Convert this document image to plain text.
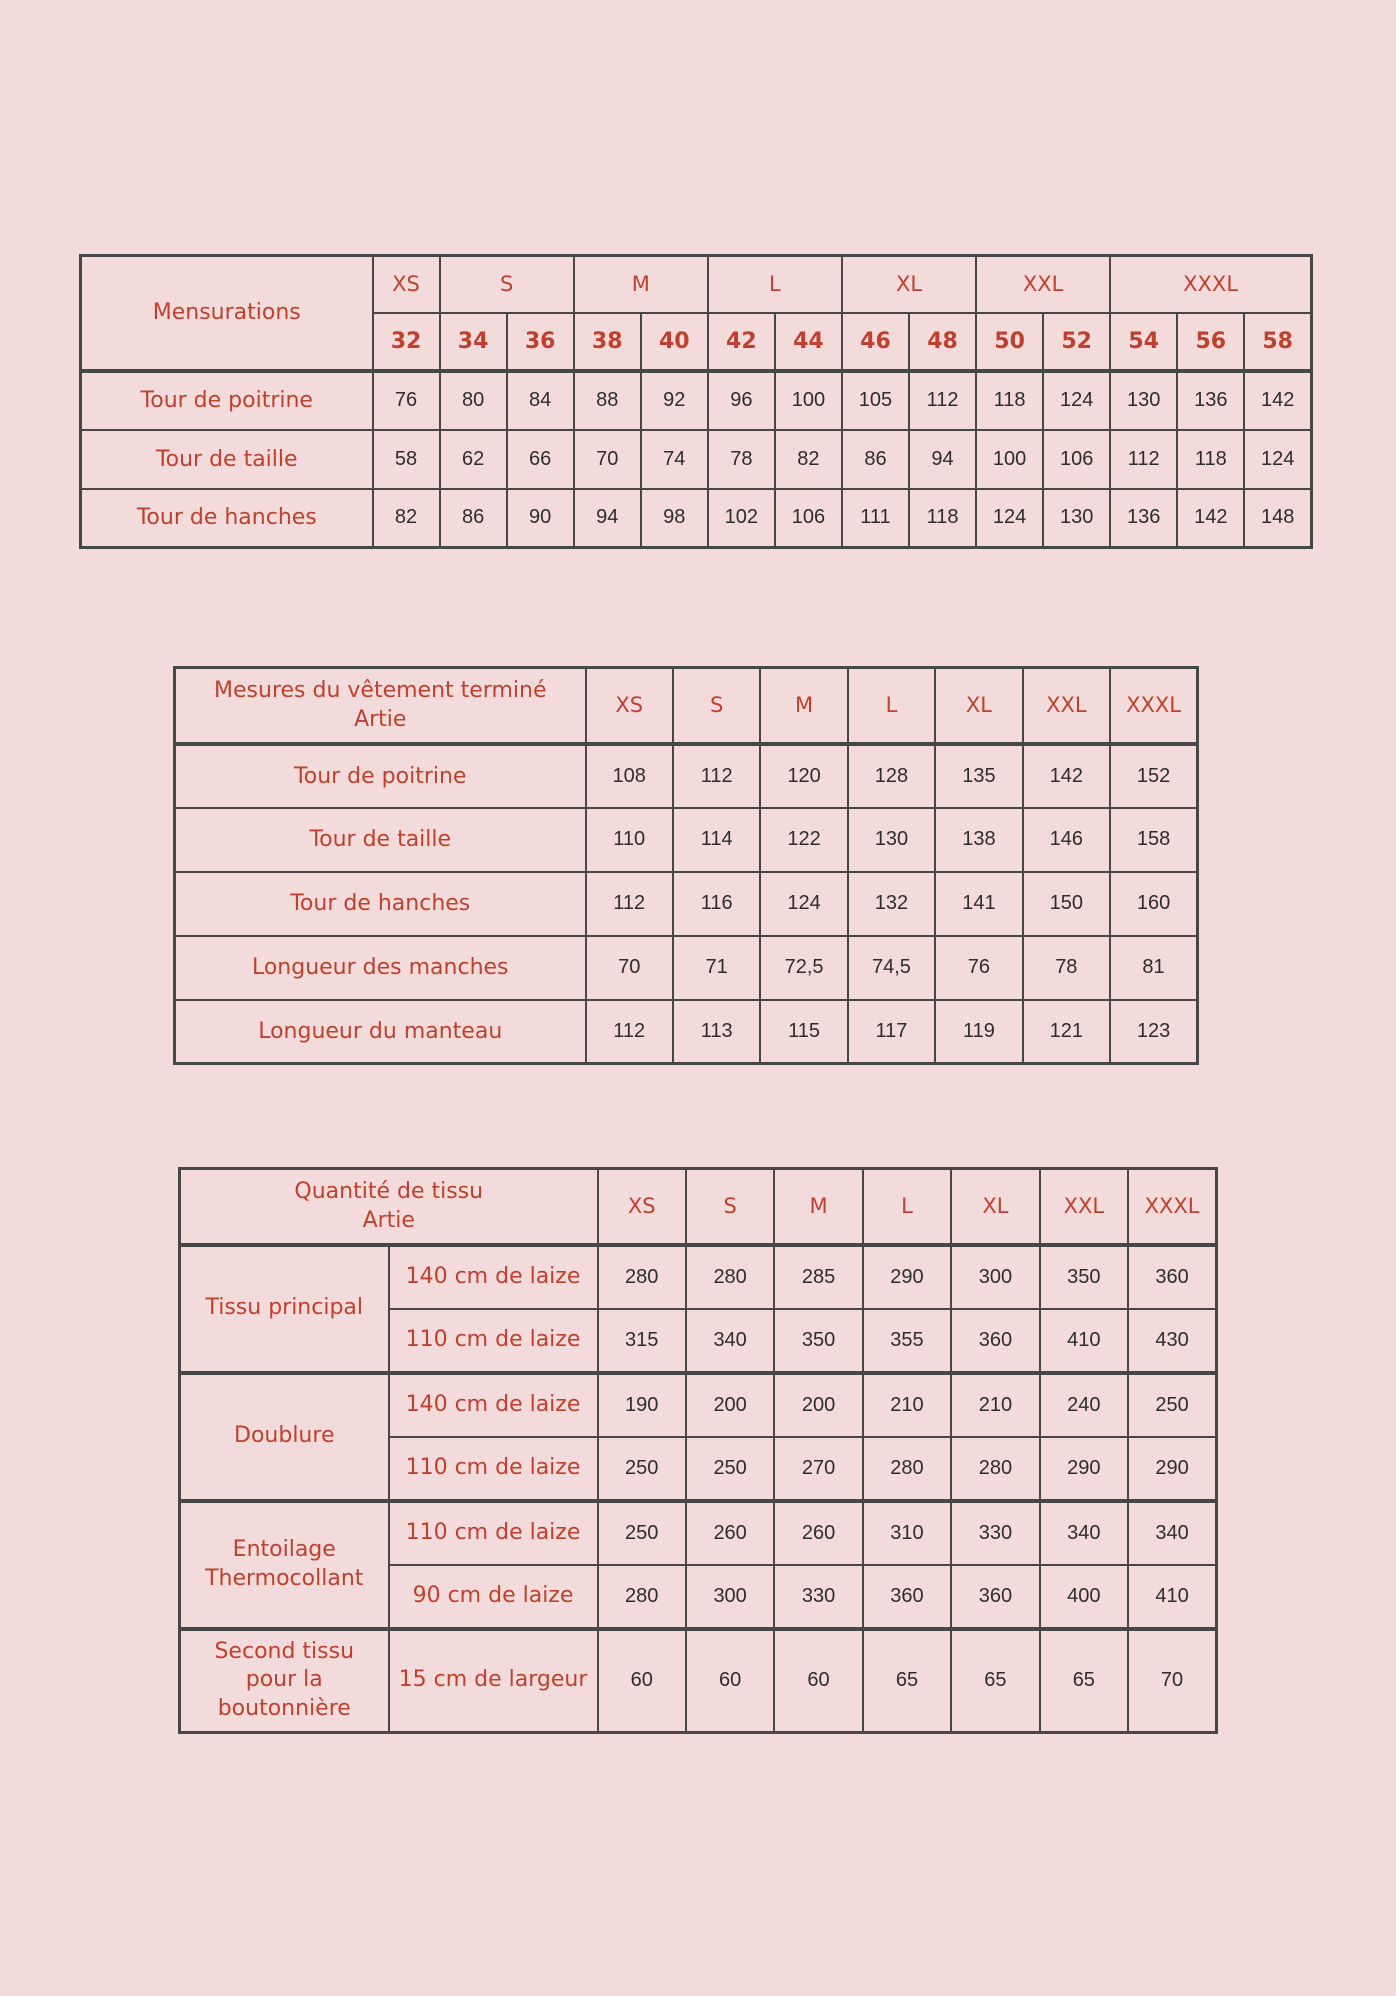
Mensurations	XS	S		M		L		XL		XXL		XXXL		
	32	34	36	38	40	42	44	46	48	50	52	54	56	58
Tour de poitrine	76	80	84	88	92	96	100	105	112	118	124	130	136	142
Tour de taille	58	62	66	70	74	78	82	86	94	100	106	112	118	124
Tour de hanches	82	86	90	94	98	102	106	111	118	124	130	136	142	148
Mesures du vêtement terminé
Artie	XS	S	M	L	XL	XXL	XXXL
Tour de poitrine	108	112	120	128	135	142	152
Tour de taille	110	114	122	130	138	146	158
Tour de hanches	112	116	124	132	141	150	160
Longueur des manches	70	71	72,5	74,5	76	78	81
Longueur du manteau	112	113	115	117	119	121	123
Quantité de tissu
Artie		XS	S	M	L	XL	XXL	XXXL
Tissu principal	140 cm de laize	280	280	285	290	300	350	360
	110 cm de laize	315	340	350	355	360	410	430
Doublure	140 cm de laize	190	200	200	210	210	240	250
	110 cm de laize	250	250	270	280	280	290	290
Entoilage Thermocollant	110 cm de laize	250	260	260	310	330	340	340
	90 cm de laize	280	300	330	360	360	400	410
Second tissu pour la boutonnière	15 cm de largeur	60	60	60	65	65	65	70
